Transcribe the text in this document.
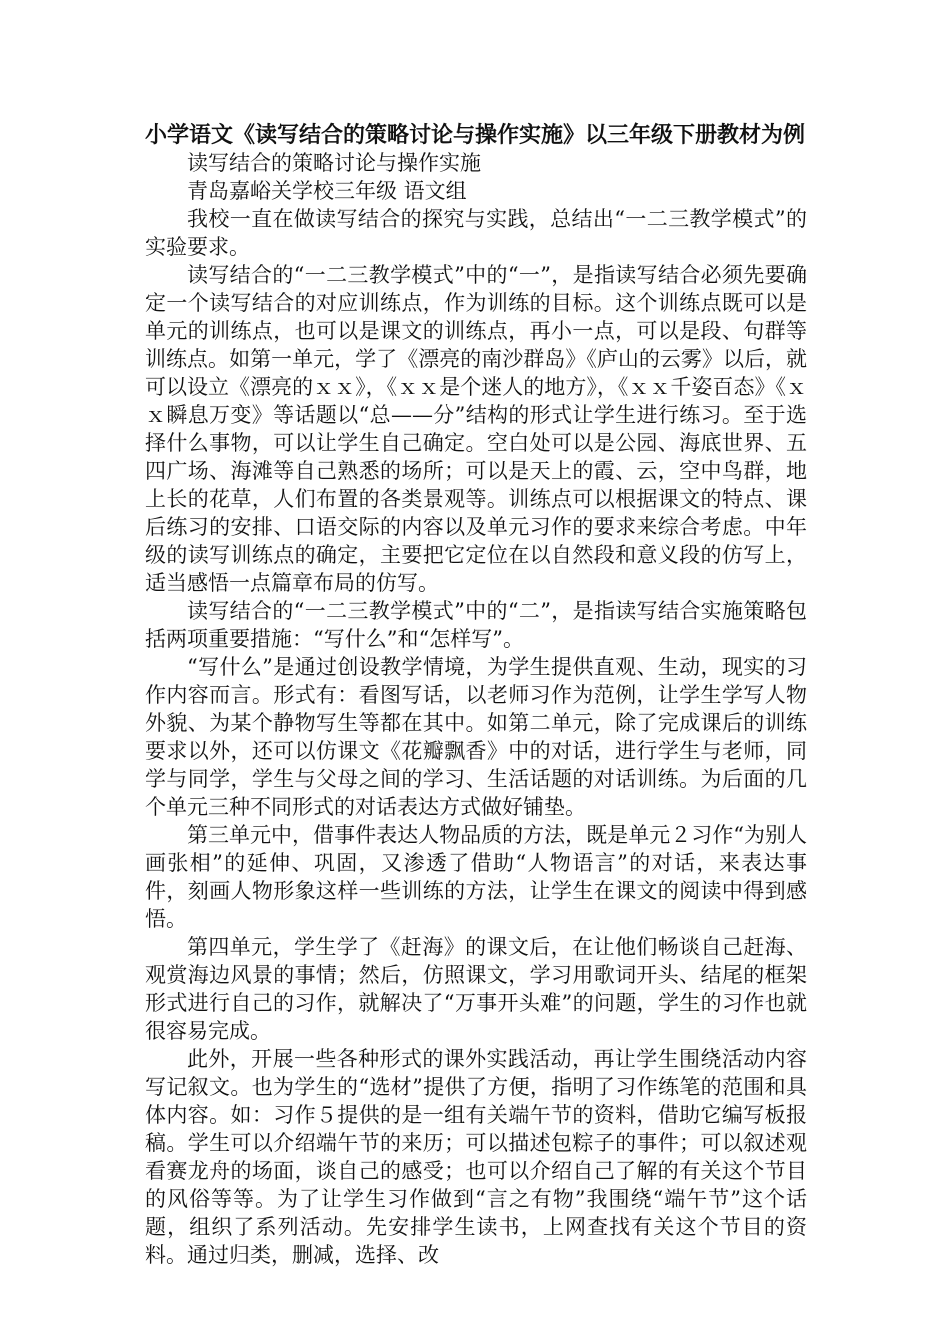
小学语文《读写结合的策略讨论与操作实施》以三年级下册教材为例

读写结合的策略讨论与操作实施

青岛嘉峪关学校三年级 语文组

我校一直在做读写结合的探究与实践，总结出“一二三教学模式”的实验要求。

读写结合的“一二三教学模式”中的“一”，是指读写结合必须先要确定一个读写结合的对应训练点，作为训练的目标。这个训练点既可以是单元的训练点，也可以是课文的训练点，再小一点，可以是段、句群等训练点。如第一单元，学了《漂亮的南沙群岛》《庐山的云雾》以后，就可以设立《漂亮的ｘｘ》，《ｘｘ是个迷人的地方》，《ｘｘ千姿百态》《ｘｘ瞬息万变》等话题以“总——分”结构的形式让学生进行练习。至于选择什么事物，可以让学生自己确定。空白处可以是公园、海底世界、五四广场、海滩等自己熟悉的场所；可以是天上的霞、云，空中鸟群，地上长的花草，人们布置的各类景观等。训练点可以根据课文的特点、课后练习的安排、口语交际的内容以及单元习作的要求来综合考虑。中年级的读写训练点的确定，主要把它定位在以自然段和意义段的仿写上，适当感悟一点篇章布局的仿写。

读写结合的“一二三教学模式”中的“二”，是指读写结合实施策略包括两项重要措施：“写什么”和“怎样写”。

“写什么”是通过创设教学情境，为学生提供直观、生动，现实的习作内容而言。形式有：看图写话，以老师习作为范例，让学生学写人物外貌、为某个静物写生等都在其中。如第二单元，除了完成课后的训练要求以外，还可以仿课文《花瓣飘香》中的对话，进行学生与老师，同学与同学，学生与父母之间的学习、生活话题的对话训练。为后面的几个单元三种不同形式的对话表达方式做好铺垫。

第三单元中，借事件表达人物品质的方法，既是单元２习作“为别人画张相”的延伸、巩固，又渗透了借助“人物语言”的对话，来表达事件，刻画人物形象这样一些训练的方法，让学生在课文的阅读中得到感悟。

第四单元，学生学了《赶海》的课文后，在让他们畅谈自己赶海、观赏海边风景的事情；然后，仿照课文，学习用歌词开头、结尾的框架形式进行自己的习作，就解决了“万事开头难”的问题，学生的习作也就很容易完成。

此外，开展一些各种形式的课外实践活动，再让学生围绕活动内容写记叙文。也为学生的“选材”提供了方便，指明了习作练笔的范围和具体内容。如：习作５提供的是一组有关端午节的资料，借助它编写板报稿。学生可以介绍端午节的来历；可以描述包粽子的事件；可以叙述观看赛龙舟的场面，谈自己的感受；也可以介绍自己了解的有关这个节目的风俗等等。为了让学生习作做到“言之有物”我围绕“端午节”这个话题，组织了系列活动。先安排学生读书，上网查找有关这个节目的资料。通过归类，删减，选择、改
